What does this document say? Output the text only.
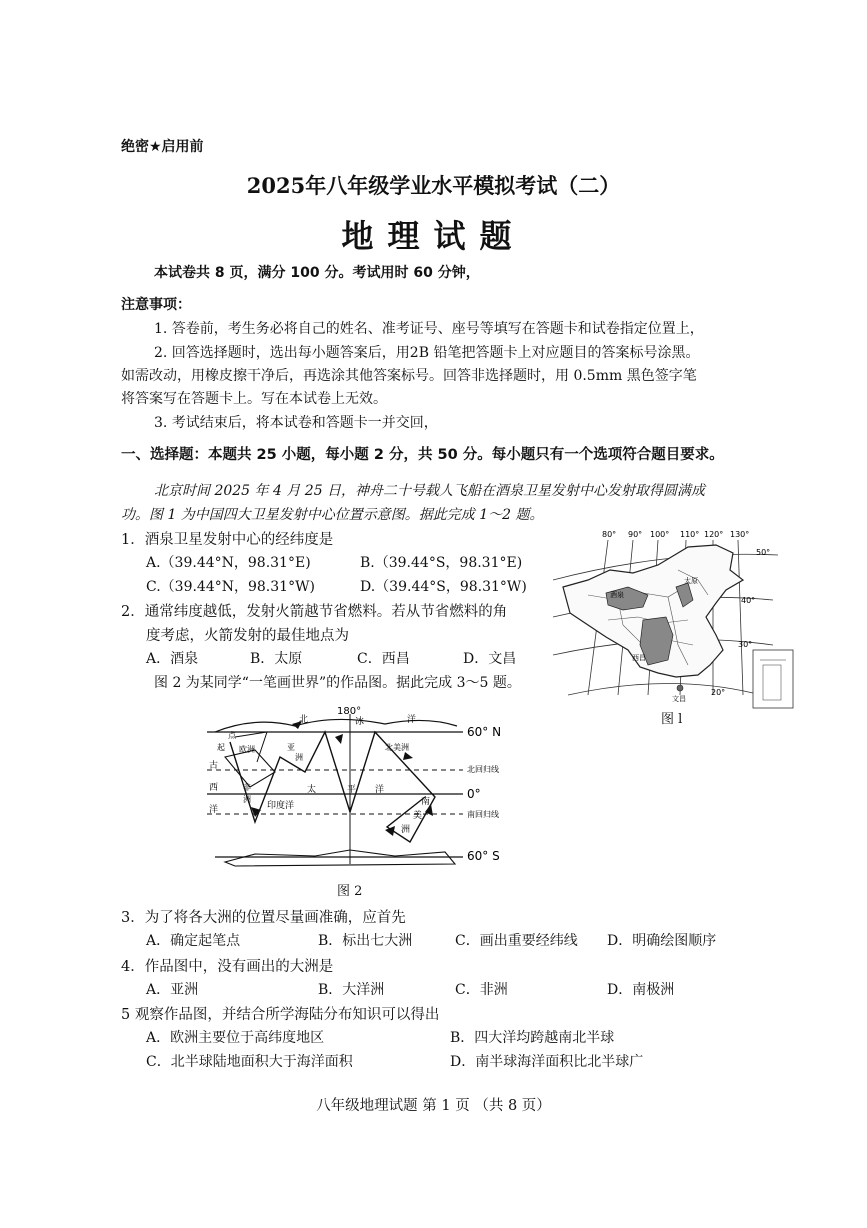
绝密★启用前
2025年八年级学业水平模拟考试（二）
地理试题
本试卷共 8 页，满分 100 分。考试用时 60 分钟，
注意事项：
1. 答卷前，考生务必将自己的姓名、准考证号、座号等填写在答题卡和试卷指定位置上，
2. 回答选择题时，选出每小题答案后，用2B 铅笔把答题卡上对应题目的答案标号涂黑。
如需改动，用橡皮擦干净后，再选涂其他答案标号。回答非选择题时，用 0.5mm 黑色签字笔
将答案写在答题卡上。写在本试卷上无效。
3. 考试结束后，将本试卷和答题卡一并交回，
一、选择题：本题共 25 小题，每小题 2 分，共 50 分。每小题只有一个选项符合题目要求。
北京时间 2025 年 4 月 25 日，神舟二十号载人飞船在酒泉卫星发射中心发射取得圆满成
功。图 1 为中国四大卫星发射中心位置示意图。据此完成 1～2 题。
1．酒泉卫星发射中心的经纬度是
A.（39.44°N，98.31°E)	B.（39.44°S，98.31°E)
C.（39.44°N，98.31°W)	D.（39.44°S，98.31°W)
2．通常纬度越低，发射火箭越节省燃料。若从节省燃料的角
度考虑，火箭发射的最佳地点为
A．酒泉	B．太原	C．西昌	D．文昌
图 2 为某同学“一笔画世界”的作品图。据此完成 3～5 题。
80° 90° 100° 110° 120° 130°
50°
40°
30°
20°
酒泉
太原
西昌
文昌
图 l
180°
60° N
北回归线
0°
南回归线
60° S
北	冰	洋
点
起 欧洲	亚
洲
北美洲
古
西	非
洲
印度洋
太	平 洋
南
美
洲
洋
图 2
3．为了将各大洲的位置尽量画准确，应首先
A．确定起笔点	B．标出七大洲	C．画出重要经纬线 D．明确绘图顺序
4．作品图中，没有画出的大洲是
A．亚洲	B．大洋洲	C．非洲	D．南极洲
5 观察作品图，并结合所学海陆分布知识可以得出
A．欧洲主要位于高纬度地区	B．四大洋均跨越南北半球
C．北半球陆地面积大于海洋面积	D．南半球海洋面积比北半球广
八年级地理试题 第 1 页 （共 8 页）
